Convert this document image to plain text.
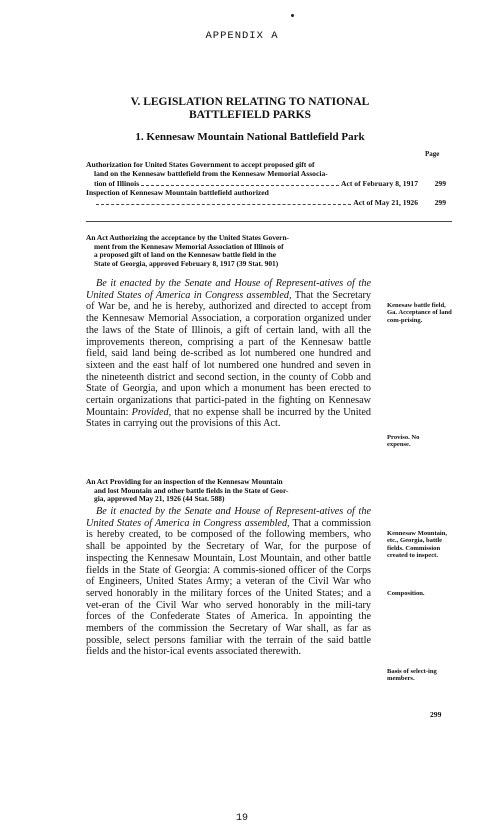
APPENDIX A
V. LEGISLATION RELATING TO NATIONAL
BATTLEFIELD PARKS
1. Kennesaw Mountain National Battlefield Park
Page
Authorization for United States Government to accept proposed gift of
land on the Kennesaw battlefield from the Kennesaw Memorial Associa-
tion of Illinois	Act of February 8, 1917	299
Inspection of Kennesaw Mountain battlefield authorized
Act of May 21, 1926	299
An Act Authorizing the acceptance by the United States Govern-
ment from the Kennesaw Memorial Association of Illinois of
a proposed gift of land on the Kennesaw battle field in the
State of Georgia, approved February 8, 1917 (39 Stat. 901)

Be it enacted by the Senate and House of Represent-atives of the United States of America in Congress assembled, That the Secretary of War be, and he is hereby, authorized and directed to accept from the Kennesaw Memorial Association, a corporation organized under the laws of the State of Illinois, a gift of certain land, with all the improvements thereon, comprising a part of the Kennesaw battle field, said land being de-scribed as lot numbered one hundred and sixteen and the east half of lot numbered one hundred and seven in the nineteenth district and second section, in the county of Cobb and State of Georgia, and upon which a monument has been erected to certain organizations that partici-pated in the fighting on Kennesaw Mountain: Provided, that no expense shall be incurred by the United States in carrying out the provisions of this Act.

Kenesaw battle field, Ga. Acceptance of land com-prising.
Proviso. No expense.
An Act Providing for an inspection of the Kennesaw Mountain
and lost Mountain and other battle fields in the State of Geor-
gia, approved May 21, 1926 (44 Stat. 588)

Be it enacted by the Senate and House of Represent-atives of the United States of America in Congress assembled, That a commission is hereby created, to be composed of the following members, who shall be appointed by the Secretary of War, for the purpose of inspecting the Kennesaw Mountain, Lost Mountain, and other battle fields in the State of Georgia: A commis-sioned officer of the Corps of Engineers, United States Army; a veteran of the Civil War who served honorably in the military forces of the United States; and a vet-eran of the Civil War who served honorably in the mili-tary forces of the Confederate States of America. In appointing the members of the commission the Secretary of War shall, as far as possible, select persons familiar with the terrain of the said battle fields and the histor-ical events associated therewith.

Kennesaw Mountain, etc., Georgia, battle fields. Commission created to inspect.
Composition.
Basis of select-ing members.
299
19
